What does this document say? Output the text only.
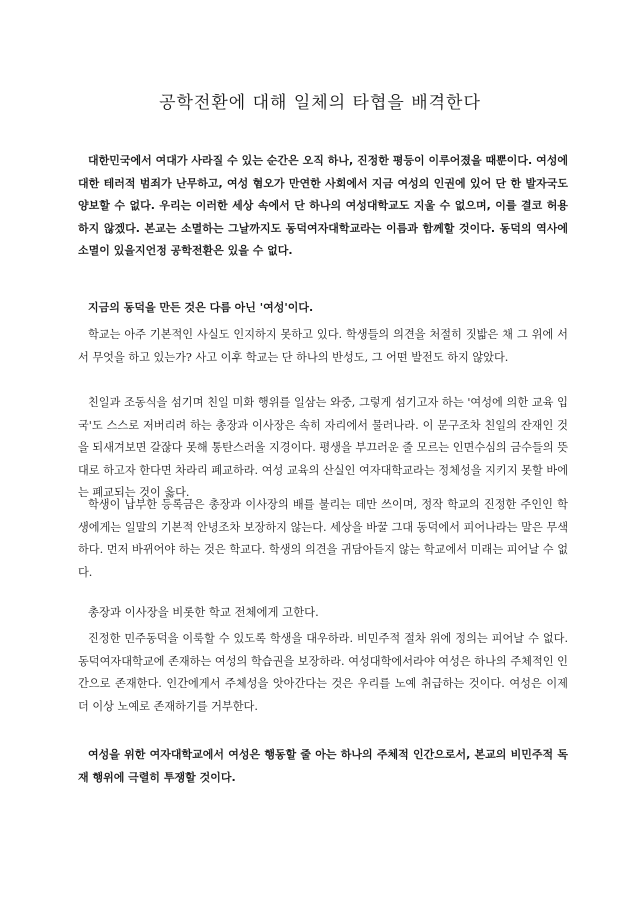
공학전환에 대해 일체의 타협을 배격한다

대한민국에서 여대가 사라질 수 있는 순간은 오직 하나, 진정한 평등이 이루어졌을 때뿐이다. 여성에 대한 테러적 범죄가 난무하고, 여성 혐오가 만연한 사회에서 지금 여성의 인권에 있어 단 한 발자국도 양보할 수 없다. 우리는 이러한 세상 속에서 단 하나의 여성대학교도 지울 수 없으며, 이를 결코 허용하지 않겠다. 본교는 소멸하는 그날까지도 동덕여자대학교라는 이름과 함께할 것이다. 동덕의 역사에 소멸이 있을지언정 공학전환은 있을 수 없다.

지금의 동덕을 만든 것은 다름 아닌 '여성'이다.

학교는 아주 기본적인 사실도 인지하지 못하고 있다. 학생들의 의견을 처절히 짓밟은 채 그 위에 서서 무엇을 하고 있는가? 사고 이후 학교는 단 하나의 반성도, 그 어떤 발전도 하지 않았다.

친일과 조동식을 섬기며 친일 미화 행위를 일삼는 와중, 그렇게 섬기고자 하는 '여성에 의한 교육 입국'도 스스로 저버리려 하는 총장과 이사장은 속히 자리에서 물러나라. 이 문구조차 친일의 잔재인 것을 되새겨보면 갈잖다 못해 통탄스러울 지경이다. 평생을 부끄러운 줄 모르는 인면수심의 금수들의 뜻대로 하고자 한다면 차라리 폐교하라. 여성 교육의 산실인 여자대학교라는 정체성을 지키지 못할 바에는 폐교되는 것이 옳다.

학생이 납부한 등록금은 총장과 이사장의 배를 불리는 데만 쓰이며, 정작 학교의 진정한 주인인 학생에게는 일말의 기본적 안녕조차 보장하지 않는다. 세상을 바꿀 그대 동덕에서 피어나라는 말은 무색하다. 먼저 바뀌어야 하는 것은 학교다. 학생의 의견을 귀담아듣지 않는 학교에서 미래는 피어날 수 없다.

총장과 이사장을 비롯한 학교 전체에게 고한다.

진정한 민주동덕을 이룩할 수 있도록 학생을 대우하라. 비민주적 절차 위에 정의는 피어날 수 없다. 동덕여자대학교에 존재하는 여성의 학습권을 보장하라. 여성대학에서라야 여성은 하나의 주체적인 인간으로 존재한다. 인간에게서 주체성을 앗아간다는 것은 우리를 노예 취급하는 것이다. 여성은 이제 더 이상 노예로 존재하기를 거부한다.

여성을 위한 여자대학교에서 여성은 행동할 줄 아는 하나의 주체적 인간으로서, 본교의 비민주적 독재 행위에 극렬히 투쟁할 것이다.
